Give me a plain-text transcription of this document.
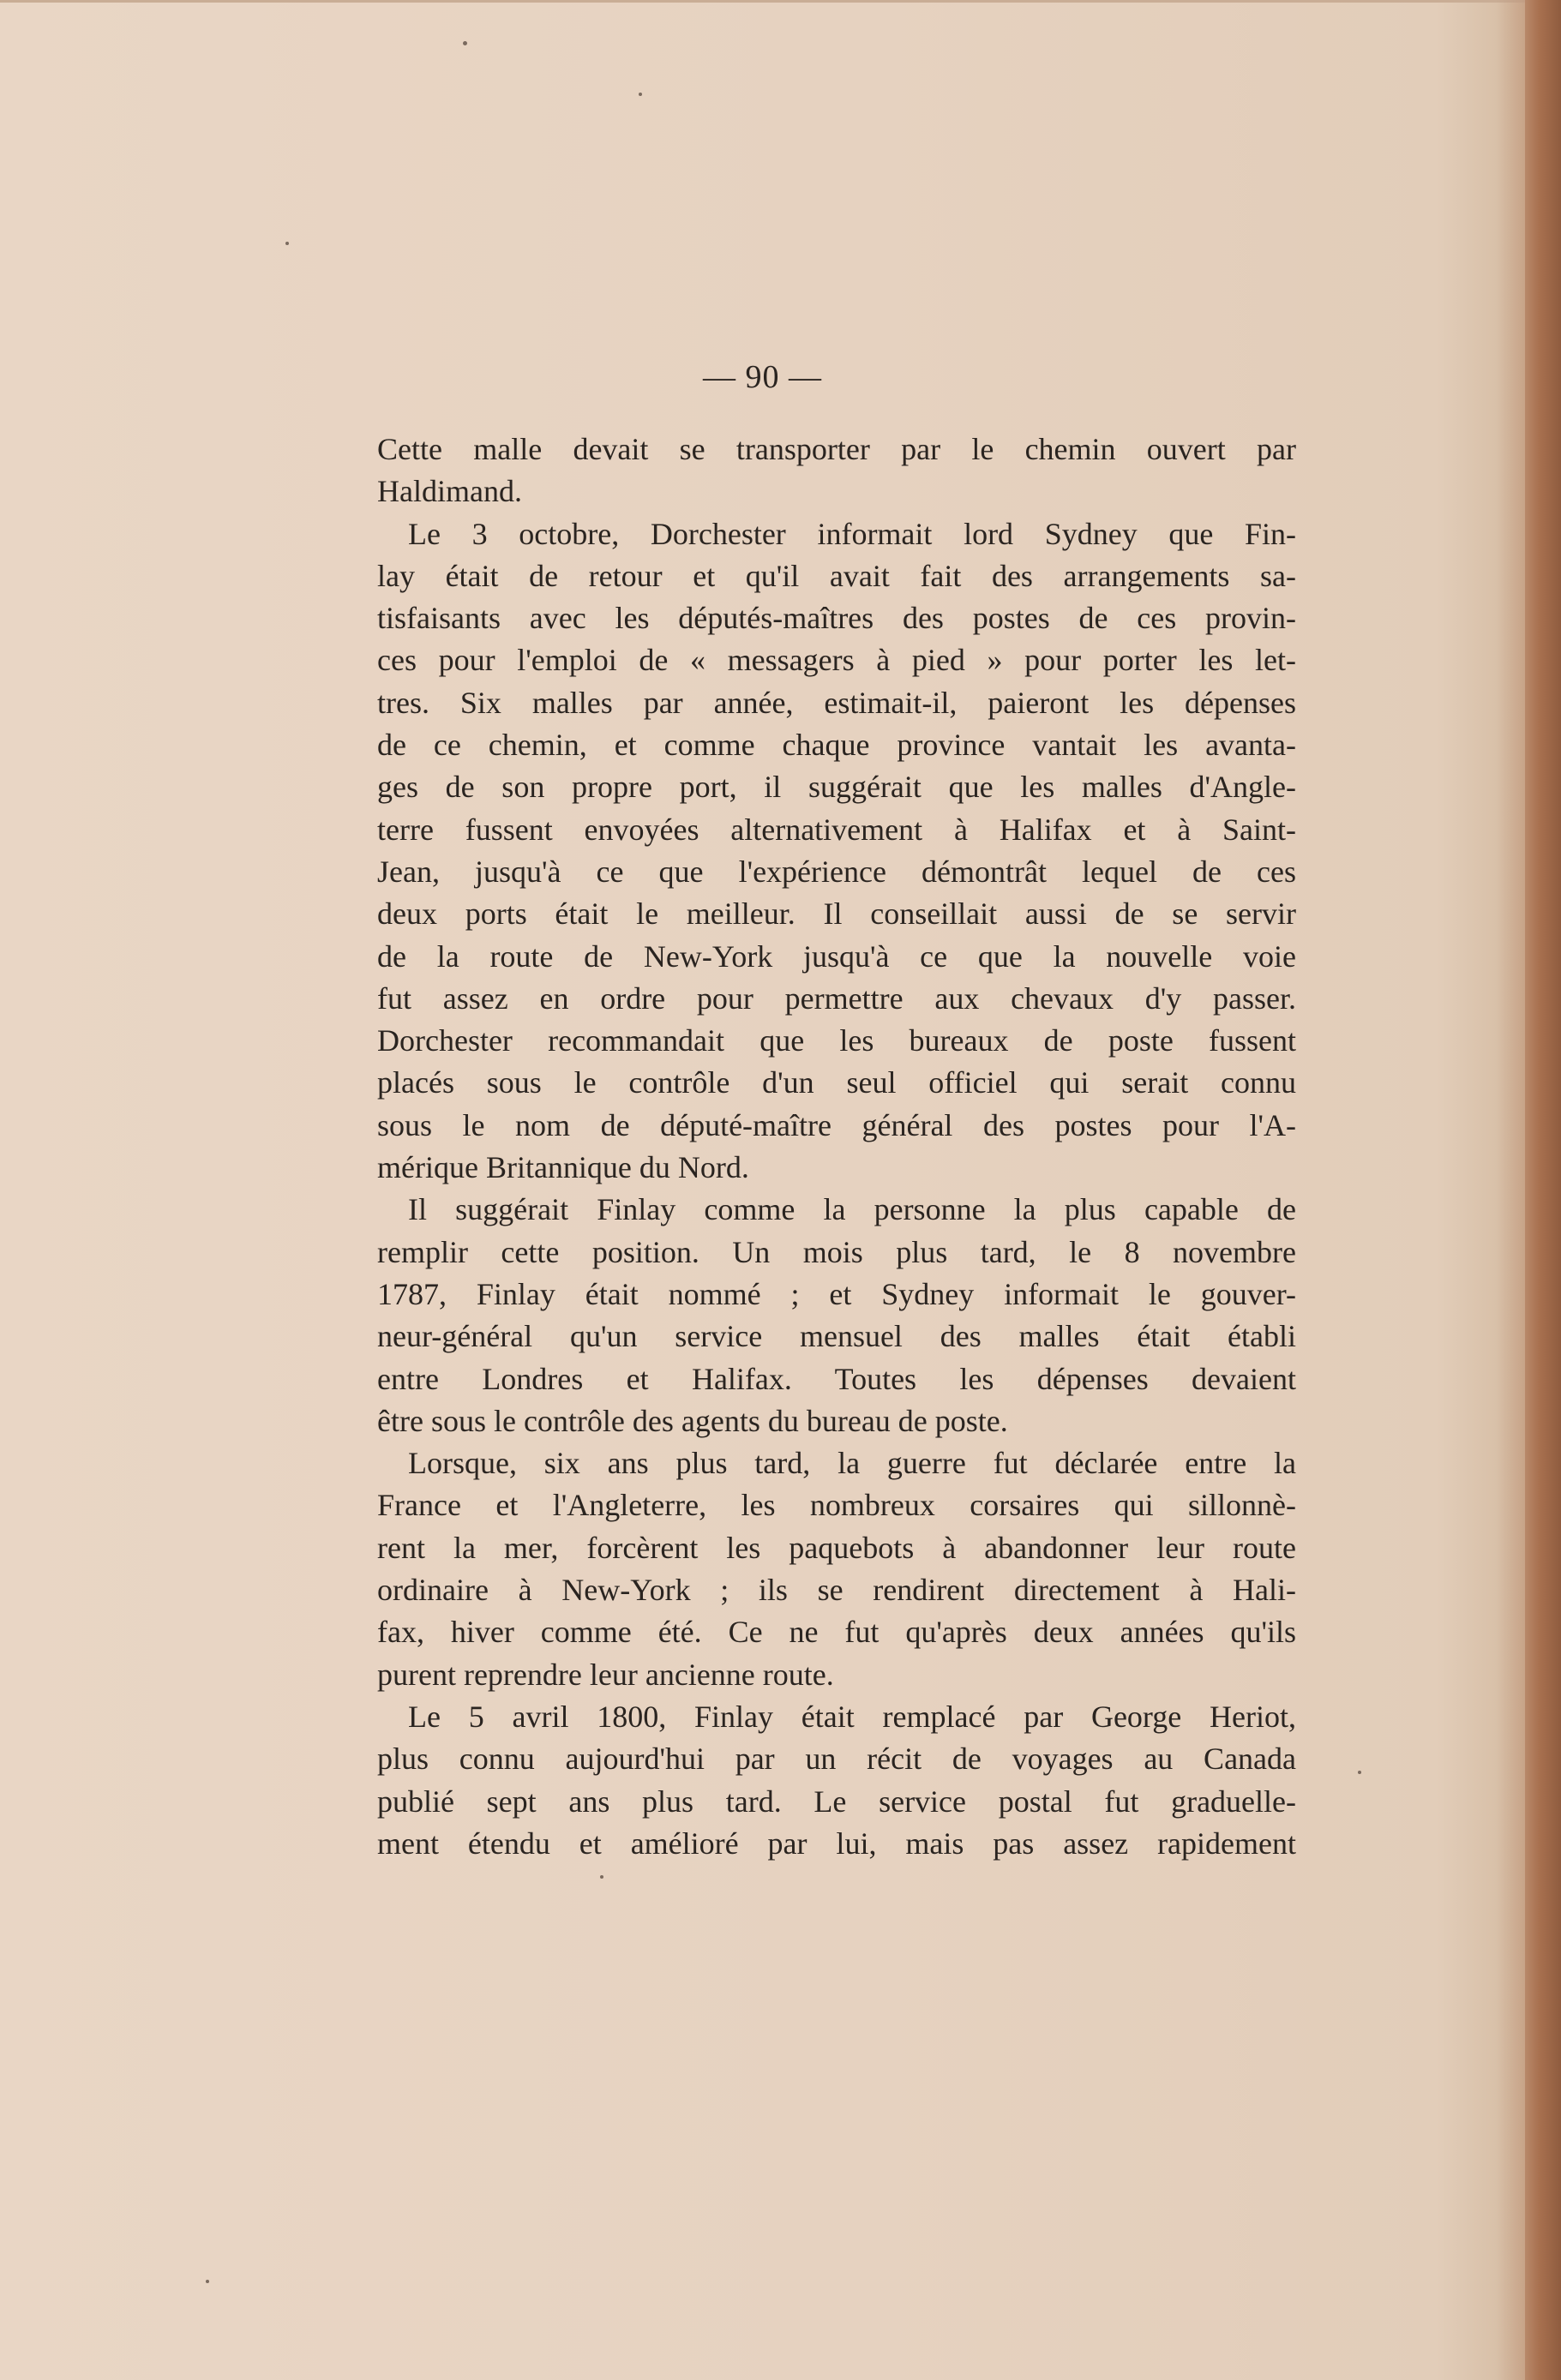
— 90 —
Cette malle devait se transporter par le chemin ouvert par
Haldimand.
Le 3 octobre, Dorchester informait lord Sydney que Fin-
lay était de retour et qu'il avait fait des arrangements sa-
tisfaisants avec les députés-maîtres des postes de ces provin-
ces pour l'emploi de « messagers à pied » pour porter les let-
tres. Six malles par année, estimait-il, paieront les dépenses
de ce chemin, et comme chaque province vantait les avanta-
ges de son propre port, il suggérait que les malles d'Angle-
terre fussent envoyées alternativement à Halifax et à Saint-
Jean, jusqu'à ce que l'expérience démontrât lequel de ces
deux ports était le meilleur. Il conseillait aussi de se servir
de la route de New-York jusqu'à ce que la nouvelle voie
fut assez en ordre pour permettre aux chevaux d'y passer.
Dorchester recommandait que les bureaux de poste fussent
placés sous le contrôle d'un seul officiel qui serait connu
sous le nom de député-maître général des postes pour l'A-
mérique Britannique du Nord.
Il suggérait Finlay comme la personne la plus capable de
remplir cette position. Un mois plus tard, le 8 novembre
1787, Finlay était nommé ; et Sydney informait le gouver-
neur-général qu'un service mensuel des malles était établi
entre Londres et Halifax. Toutes les dépenses devaient
être sous le contrôle des agents du bureau de poste.
Lorsque, six ans plus tard, la guerre fut déclarée entre la
France et l'Angleterre, les nombreux corsaires qui sillonnè-
rent la mer, forcèrent les paquebots à abandonner leur route
ordinaire à New-York ; ils se rendirent directement à Hali-
fax, hiver comme été. Ce ne fut qu'après deux années qu'ils
purent reprendre leur ancienne route.
Le 5 avril 1800, Finlay était remplacé par George Heriot,
plus connu aujourd'hui par un récit de voyages au Canada
publié sept ans plus tard. Le service postal fut graduelle-
ment étendu et amélioré par lui, mais pas assez rapidement
